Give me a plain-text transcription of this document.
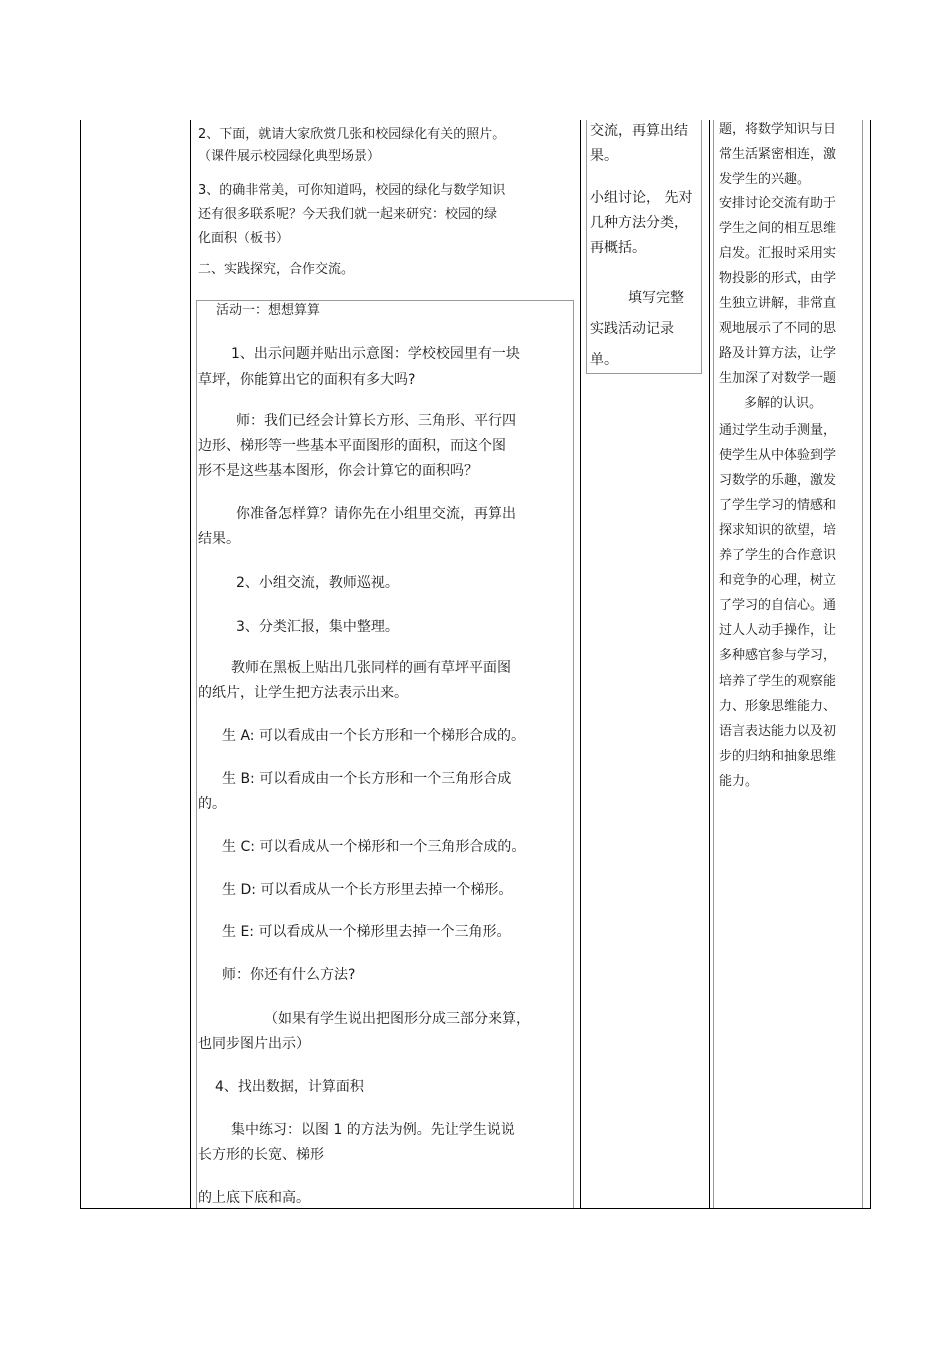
2、下面，就请大家欣赏几张和校园绿化有关的照片。
（课件展示校园绿化典型场景）
3、的确非常美，可你知道吗，校园的绿化与数学知识
还有很多联系呢？今天我们就一起来研究：校园的绿
化面积（板书）
二、实践探究，合作交流。
活动一：想想算算
1、出示问题并贴出示意图：学校校园里有一块
草坪，你能算出它的面积有多大吗?
师：我们已经会计算长方形、三角形、平行四
边形、梯形等一些基本平面图形的面积，而这个图
形不是这些基本图形，你会计算它的面积吗？
你准备怎样算？请你先在小组里交流，再算出
结果。
2、小组交流，教师巡视。
3、分类汇报，集中整理。
教师在黑板上贴出几张同样的画有草坪平面图
的纸片，让学生把方法表示出来。
生 A: 可以看成由一个长方形和一个梯形合成的。
生 B: 可以看成由一个长方形和一个三角形合成
的。
生 C: 可以看成从一个梯形和一个三角形合成的。
生 D: 可以看成从一个长方形里去掉一个梯形。
生 E: 可以看成从一个梯形里去掉一个三角形。
师：你还有什么方法?
（如果有学生说出把图形分成三部分来算，
也同步图片出示）
4、找出数据，计算面积
集中练习：以图 1 的方法为例。先让学生说说
长方形的长宽、梯形
的上底下底和高。
交流，再算出结
果。
小组讨论， 先对
几种方法分类，
再概括。
填写完整
实践活动记录
单。
题，将数学知识与日
常生活紧密相连，激
发学生的兴趣。
安排讨论交流有助于
学生之间的相互思维
启发。汇报时采用实
物投影的形式，由学
生独立讲解，非常直
观地展示了不同的思
路及计算方法，让学
生加深了对数学一题
多解的认识。
通过学生动手测量，
使学生从中体验到学
习数学的乐趣，激发
了学生学习的情感和
探求知识的欲望，培
养了学生的合作意识
和竞争的心理，树立
了学习的自信心。通
过人人动手操作，让
多种感官参与学习，
培养了学生的观察能
力、形象思维能力、
语言表达能力以及初
步的归纳和抽象思维
能力。
